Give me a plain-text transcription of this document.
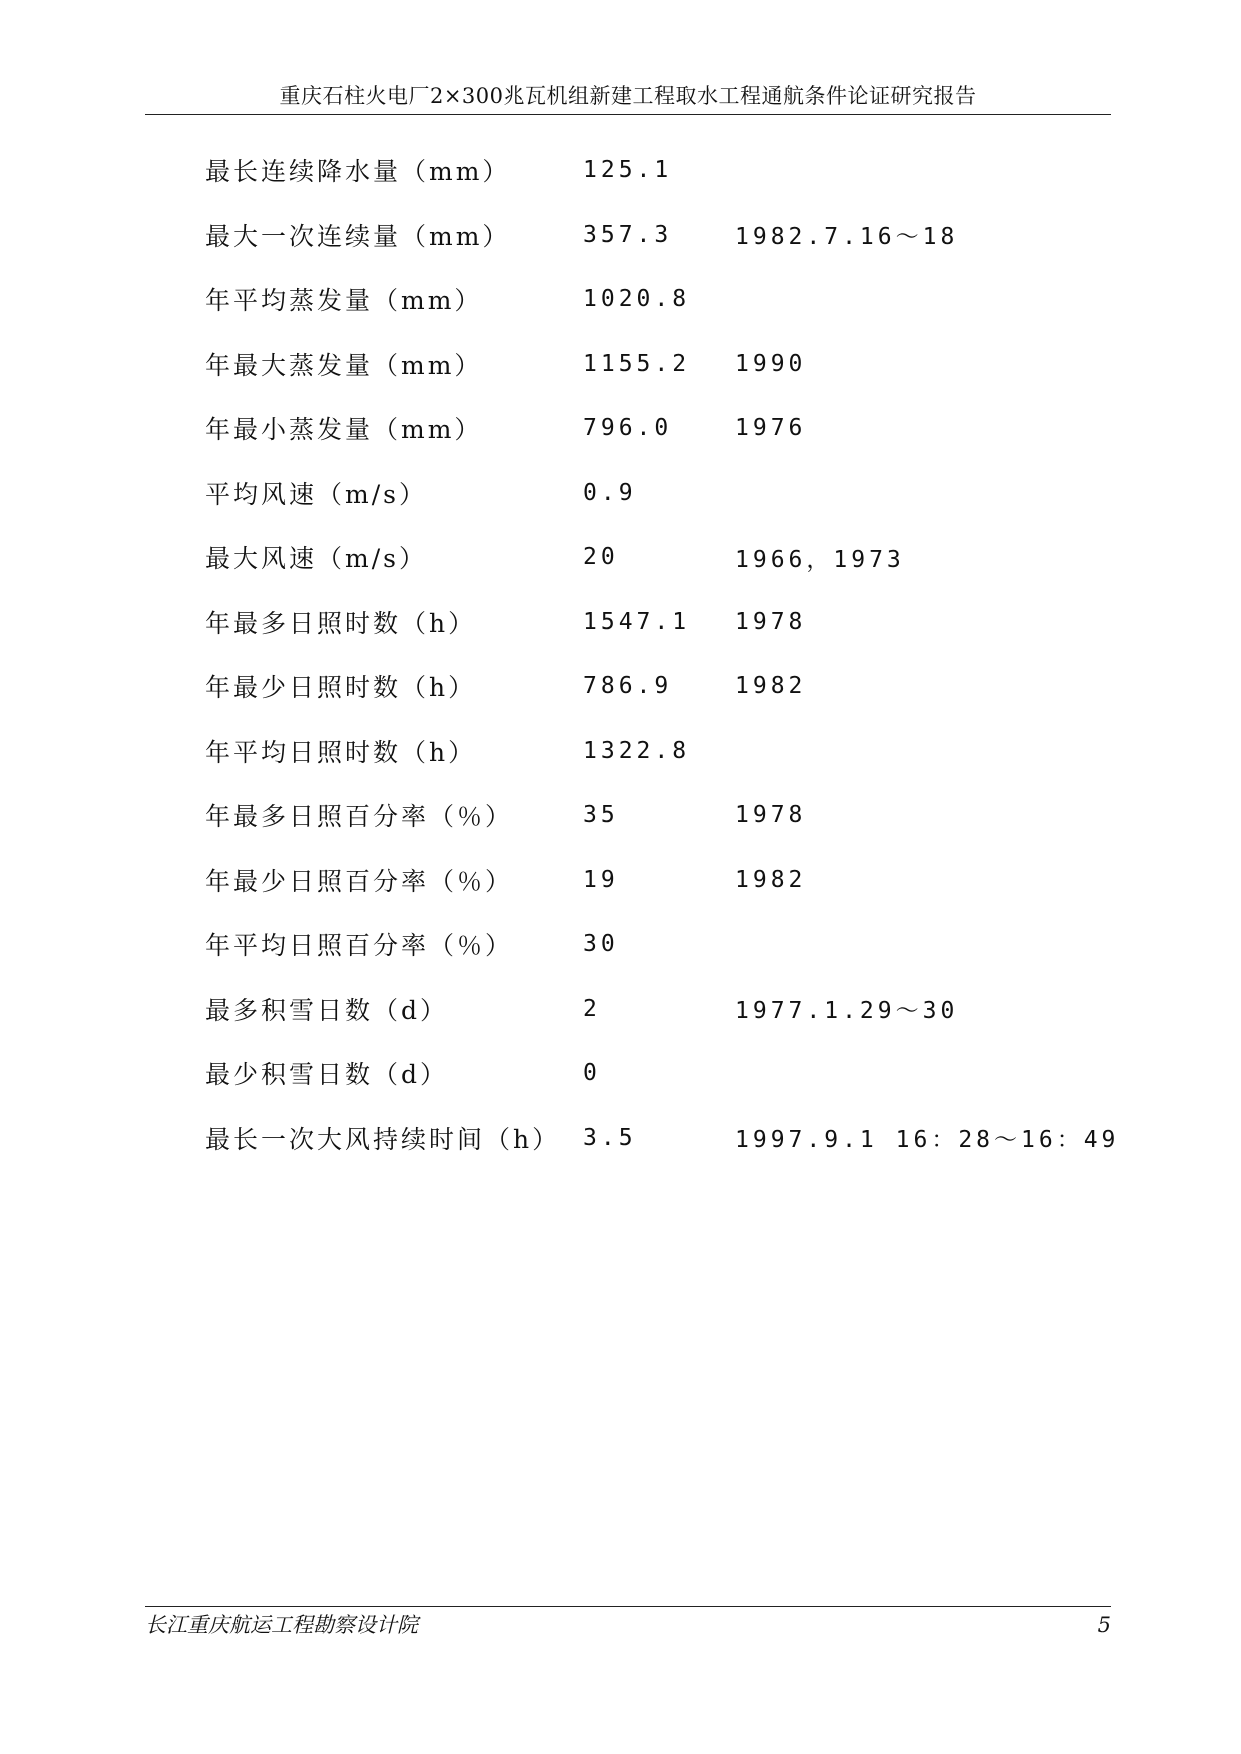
重庆石柱火电厂2×300兆瓦机组新建工程取水工程通航条件论证研究报告
最长连续降水量（mm）	125.1
最大一次连续量（mm）	357.3	1982.7.16～18
年平均蒸发量（mm）	1020.8
年最大蒸发量（mm）	1155.2	1990
年最小蒸发量（mm）	796.0	1976
平均风速（m/s）	0.9
最大风速（m/s）	20	1966，1973
年最多日照时数（h）	1547.1	1978
年最少日照时数（h）	786.9	1982
年平均日照时数（h）	1322.8
年最多日照百分率（％）	35	1978
年最少日照百分率（％）	19	1982
年平均日照百分率（％）	30
最多积雪日数（d）	2	1977.1.29～30
最少积雪日数（d）	0
最长一次大风持续时间（h） 3.5	1997.9.1 16：28～16：49
长江重庆航运工程勘察设计院	5
